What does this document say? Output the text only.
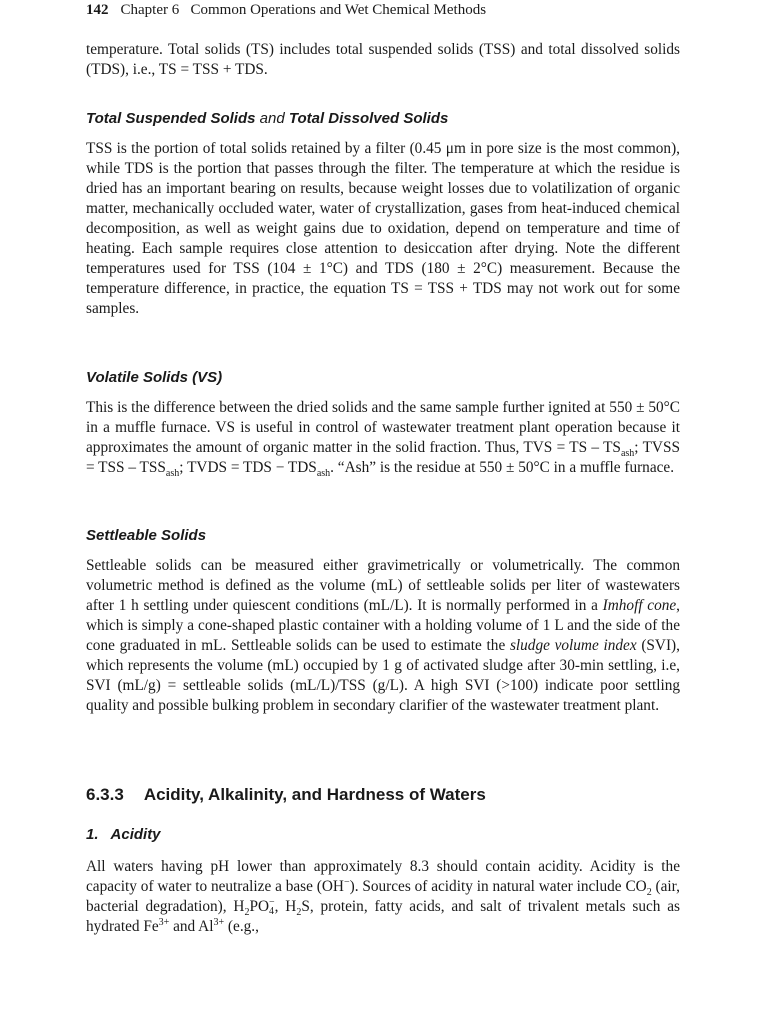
142 Chapter 6   Common Operations and Wet Chemical Methods

temperature. Total solids (TS) includes total suspended solids (TSS) and total dissolved solids (TDS), i.e., TS = TSS + TDS.

Total Suspended Solids and Total Dissolved Solids

TSS is the portion of total solids retained by a filter (0.45 μm in pore size is the most common), while TDS is the portion that passes through the filter. The temperature at which the residue is dried has an important bearing on results, because weight losses due to volatilization of organic matter, mechanically occluded water, water of crystallization, gases from heat-induced chemical decomposition, as well as weight gains due to oxidation, depend on temperature and time of heating. Each sample requires close attention to desiccation after drying. Note the different temperatures used for TSS (104 ± 1°C) and TDS (180 ± 2°C) measurement. Because the temperature difference, in practice, the equation TS = TSS + TDS may not work out for some samples.

Volatile Solids (VS)

This is the difference between the dried solids and the same sample further ignited at 550 ± 50°C in a muffle furnace. VS is useful in control of wastewater treatment plant operation because it approximates the amount of organic matter in the solid fraction. Thus, TVS = TS – $TS_{ash}$; TVSS = TSS – $TSS_{ash}$; TVDS = TDS − $TDS_{ash}$. “Ash” is the residue at 550 ± 50°C in a muffle furnace.

Settleable Solids

Settleable solids can be measured either gravimetrically or volumetrically. The common volumetric method is defined as the volume (mL) of settleable solids per liter of wastewaters after 1 h settling under quiescent conditions (mL/L). It is normally performed in a Imhoff cone, which is simply a cone-shaped plastic container with a holding volume of 1 L and the side of the cone graduated in mL. Settleable solids can be used to estimate the sludge volume index (SVI), which represents the volume (mL) occupied by 1 g of activated sludge after 30-min settling, i.e, SVI (mL/g) = settleable solids (mL/L)/TSS (g/L). A high SVI (>100) indicate poor settling quality and possible bulking problem in secondary clarifier of the wastewater treatment plant.

6.3.3 Acidity, Alkalinity, and Hardness of Waters
1. Acidity

All waters having pH lower than approximately 8.3 should contain acidity. Acidity is the capacity of water to neutralize a base (OH−). Sources of acidity in natural water include $CO_2$ (air, bacterial degradation), $H_2PO$ −
4 , $H_2S$, protein, fatty acids, and salt of trivalent metals such as hydrated $Fe^{3+}$ and $Al^{3+}$ (e.g.,
